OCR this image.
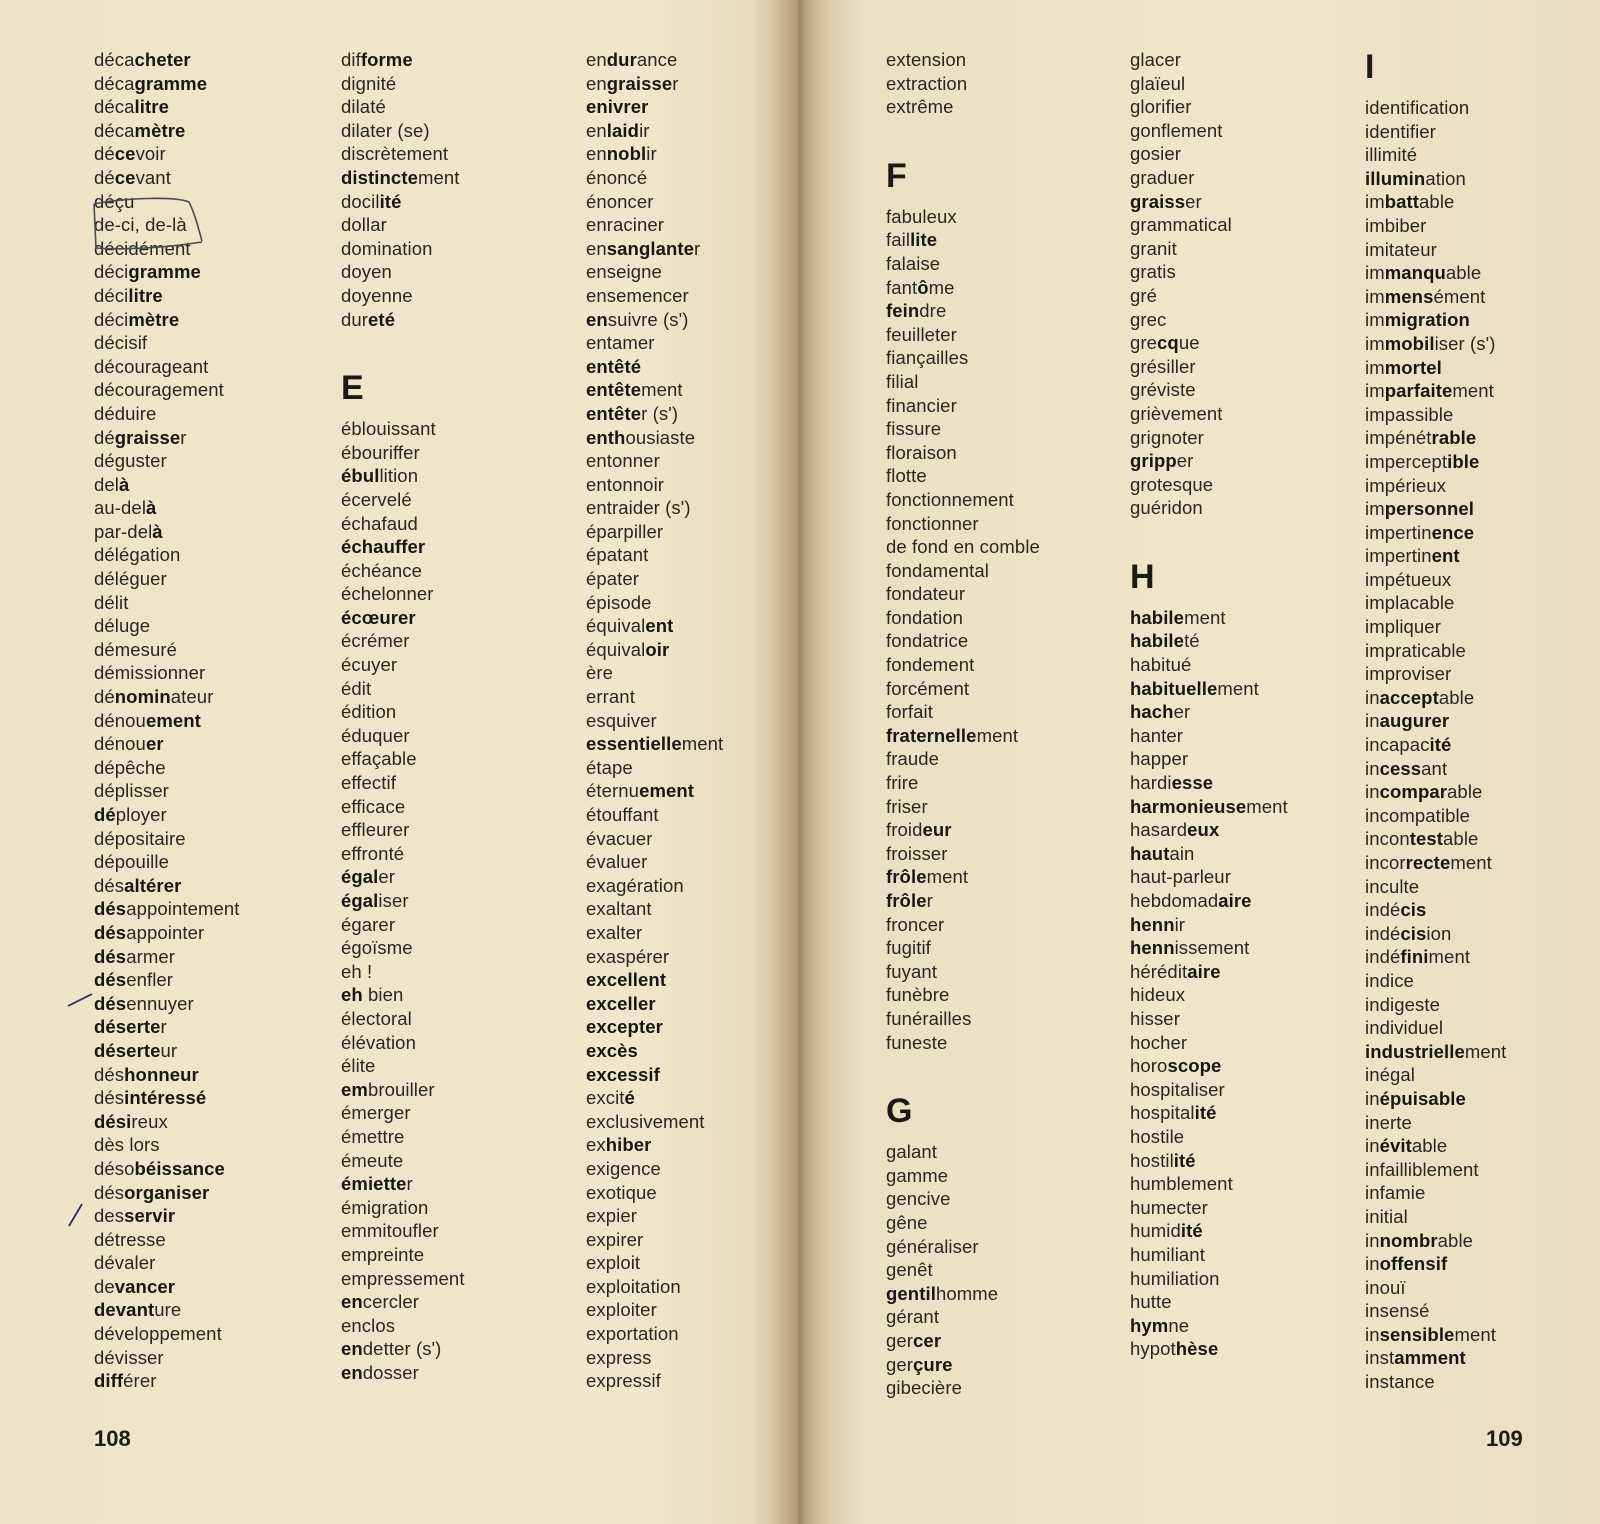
décacheter
décagramme
décalitre
décamètre
décevoir
décevant
déçu
de-ci, de-là
décidément
décigramme
décilitre
décimètre
décisif
décourageant
découragement
déduire
dégraisser
déguster
delà
au-delà
par-delà
délégation
déléguer
délit
déluge
démesuré
démissionner
dénominateur
dénouement
dénouer
dépêche
déplisser
déployer
dépositaire
dépouille
désaltérer
désappointement
désappointer
désarmer
désenfler
désennuyer
déserter
déserteur
déshonneur
désintéressé
désireux
dès lors
désobéissance
désorganiser
desservir
détresse
dévaler
devancer
devanture
développement
dévisser
différer
difforme
dignité
dilaté
dilater (se)
discrètement
distinctement
docilité
dollar
domination
doyen
doyenne
dureté
E
éblouissant
ébouriffer
ébullition
écervelé
échafaud
échauffer
échéance
échelonner
écœurer
écrémer
écuyer
édit
édition
éduquer
effaçable
effectif
efficace
effleurer
effronté
égaler
égaliser
égarer
égoïsme
eh !
eh bien
électoral
élévation
élite
embrouiller
émerger
émettre
émeute
émietter
émigration
emmitoufler
empreinte
empressement
encercler
enclos
endetter (s')
endosser
endurance
engraisser
enivrer
enlaidir
ennoblir
énoncé
énoncer
enraciner
ensanglanter
enseigne
ensemencer
ensuivre (s')
entamer
entêté
entêtement
entêter (s')
enthousiaste
entonner
entonnoir
entraider (s')
éparpiller
épatant
épater
épisode
équivalent
équivaloir
ère
errant
esquiver
essentiellement
étape
éternuement
étouffant
évacuer
évaluer
exagération
exaltant
exalter
exaspérer
excellent
exceller
excepter
excès
excessif
excité
exclusivement
exhiber
exigence
exotique
expier
expirer
exploit
exploitation
exploiter
exportation
express
expressif
108
extension
extraction
extrême
F
fabuleux
faillite
falaise
fantôme
feindre
feuilleter
fiançailles
filial
financier
fissure
floraison
flotte
fonctionnement
fonctionner
de fond en comble
fondamental
fondateur
fondation
fondatrice
fondement
forcément
forfait
fraternellement
fraude
frire
friser
froideur
froisser
frôlement
frôler
froncer
fugitif
fuyant
funèbre
funérailles
funeste
G
galant
gamme
gencive
gêne
généraliser
genêt
gentilhomme
gérant
gercer
gerçure
gibecière
glacer
glaïeul
glorifier
gonflement
gosier
graduer
graisser
grammatical
granit
gratis
gré
grec
grecque
grésiller
gréviste
grièvement
grignoter
gripper
grotesque
guéridon
H
habilement
habileté
habitué
habituellement
hacher
hanter
happer
hardiesse
harmonieusement
hasardeux
hautain
haut-parleur
hebdomadaire
hennir
hennissement
héréditaire
hideux
hisser
hocher
horoscope
hospitaliser
hospitalité
hostile
hostilité
humblement
humecter
humidité
humiliant
humiliation
hutte
hymne
hypothèse
I
identification
identifier
illimité
illumination
imbattable
imbiber
imitateur
immanquable
immensément
immigration
immobiliser (s')
immortel
imparfaitement
impassible
impénétrable
imperceptible
impérieux
impersonnel
impertinence
impertinent
impétueux
implacable
impliquer
impraticable
improviser
inacceptable
inaugurer
incapacité
incessant
incomparable
incompatible
incontestable
incorrectement
inculte
indécis
indécision
indéfiniment
indice
indigeste
individuel
industriellement
inégal
inépuisable
inerte
inévitable
infailliblement
infamie
initial
innombrable
inoffensif
inouï
insensé
insensiblement
instamment
instance
109
